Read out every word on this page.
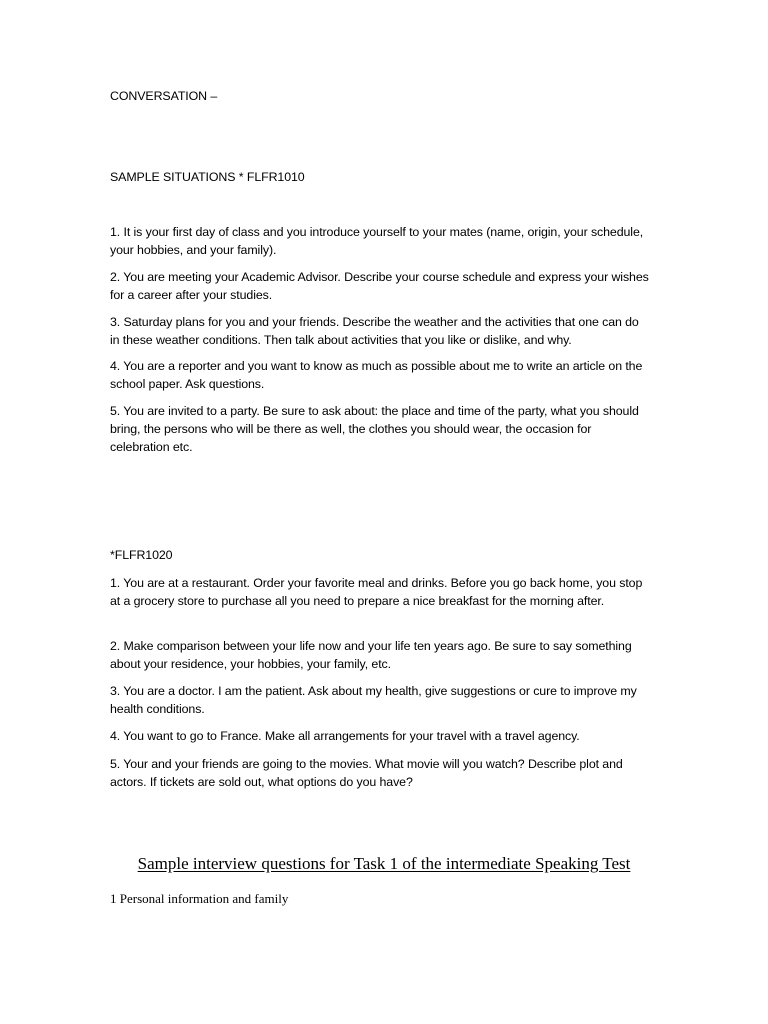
CONVERSATION –

SAMPLE SITUATIONS * FLFR1010

1. It is your first day of class and you introduce yourself to your mates (name, origin, your schedule, your hobbies, and your family).

2. You are meeting your Academic Advisor. Describe your course schedule and express your wishes for a career after your studies.

3. Saturday plans for you and your friends. Describe the weather and the activities that one can do in these weather conditions. Then talk about activities that you like or dislike, and why.

4. You are a reporter and you want to know as much as possible about me to write an article on the school paper. Ask questions.

5. You are invited to a party. Be sure to ask about: the place and time of the party, what you should bring, the persons who will be there as well, the clothes you should wear, the occasion for celebration etc.

*FLFR1020

1. You are at a restaurant. Order your favorite meal and drinks. Before you go back home, you stop at a grocery store to purchase all you need to prepare a nice breakfast for the morning after.

2. Make comparison between your life now and your life ten years ago. Be sure to say something about your residence, your hobbies, your family, etc.

3. You are a doctor. I am the patient. Ask about my health, give suggestions or cure to improve my health conditions.

4. You want to go to France. Make all arrangements for your travel with a travel agency.

5. Your and your friends are going to the movies. What movie will you watch? Describe plot and actors. If tickets are sold out, what options do you have?

Sample interview questions for Task 1 of the intermediate Speaking Test

1 Personal information and family
